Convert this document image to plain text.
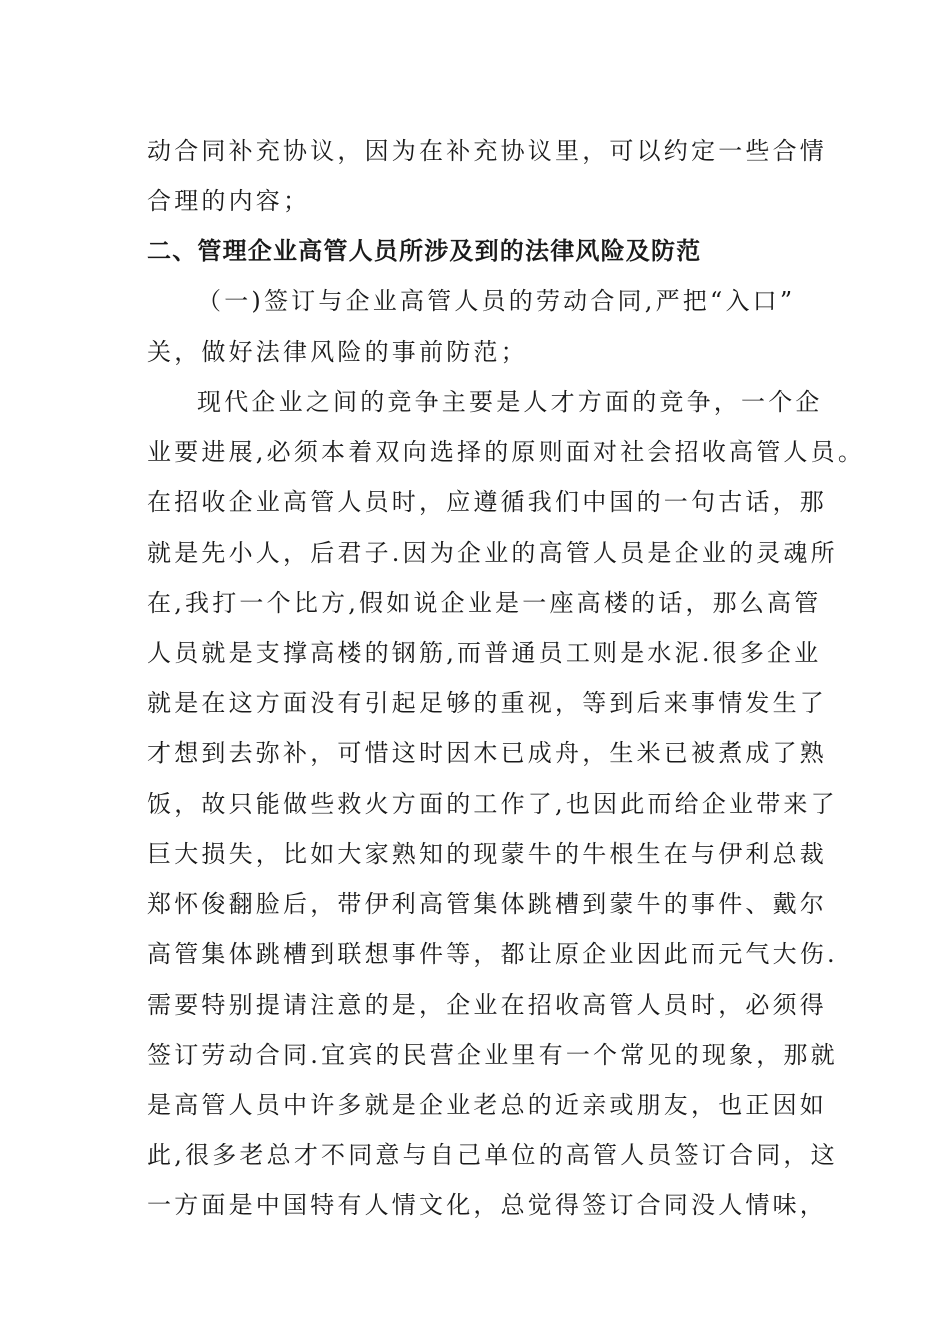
动合同补充协议，因为在补充协议里，可以约定一些合情
合理的内容；
二、管理企业高管人员所涉及到的法律风险及防范
（一)签订与企业高管人员的劳动合同,严把“入口”
关，做好法律风险的事前防范；
现代企业之间的竞争主要是人才方面的竞争，一个企
业要进展,必须本着双向选择的原则面对社会招收高管人员。
在招收企业高管人员时，应遵循我们中国的一句古话，那
就是先小人，后君子.因为企业的高管人员是企业的灵魂所
在,我打一个比方,假如说企业是一座高楼的话，那么高管
人员就是支撑高楼的钢筋,而普通员工则是水泥.很多企业
就是在这方面没有引起足够的重视，等到后来事情发生了
才想到去弥补，可惜这时因木已成舟，生米已被煮成了熟
饭，故只能做些救火方面的工作了,也因此而给企业带来了
巨大损失，比如大家熟知的现蒙牛的牛根生在与伊利总裁
郑怀俊翻脸后，带伊利高管集体跳槽到蒙牛的事件、戴尔
高管集体跳槽到联想事件等，都让原企业因此而元气大伤.
需要特别提请注意的是，企业在招收高管人员时，必须得
签订劳动合同.宜宾的民营企业里有一个常见的现象，那就
是高管人员中许多就是企业老总的近亲或朋友，也正因如
此,很多老总才不同意与自己单位的高管人员签订合同，这
一方面是中国特有人情文化，总觉得签订合同没人情味，
